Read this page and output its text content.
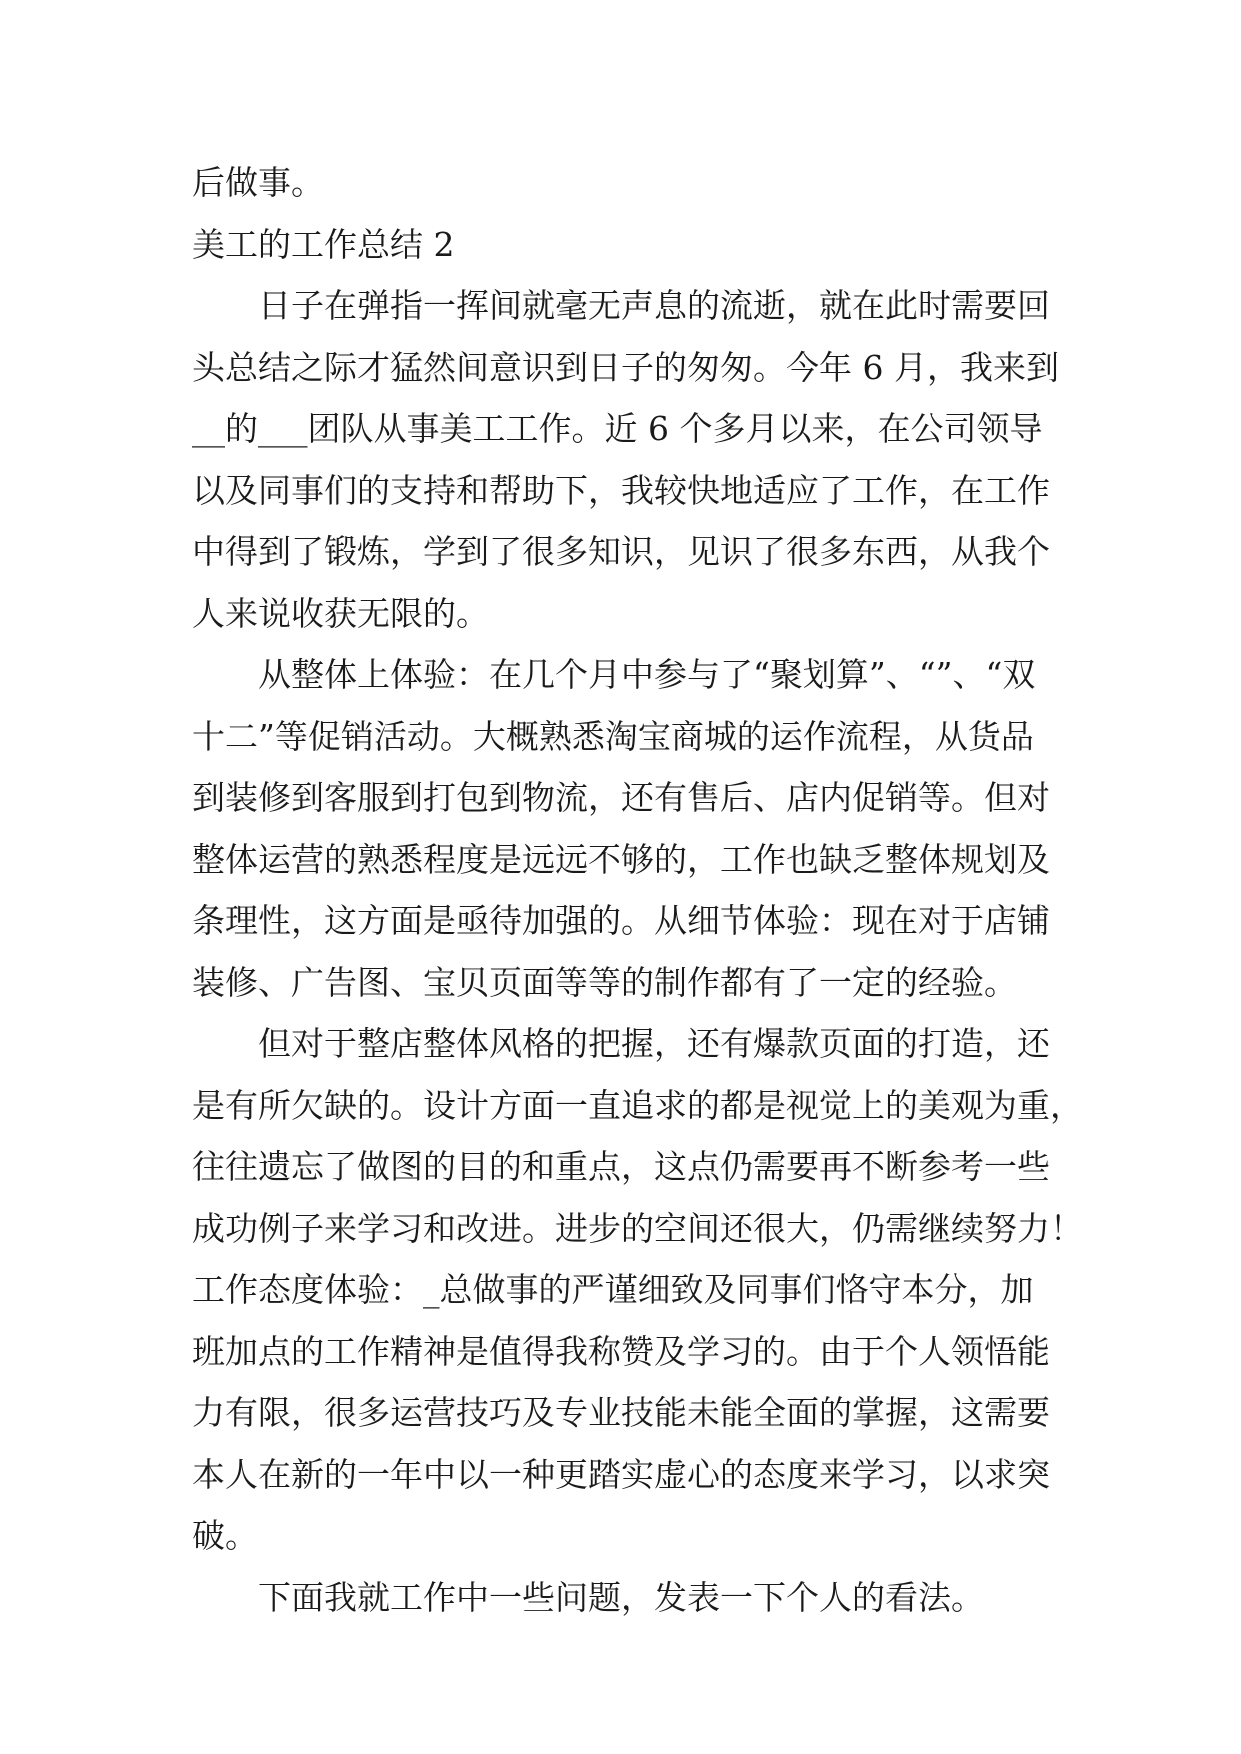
后做事。
美工的工作总结 2
日子在弹指一挥间就毫无声息的流逝，就在此时需要回
头总结之际才猛然间意识到日子的匆匆。今年 6 月，我来到
__的___团队从事美工工作。近 6 个多月以来，在公司领导
以及同事们的支持和帮助下，我较快地适应了工作，在工作
中得到了锻炼，学到了很多知识，见识了很多东西，从我个
人来说收获无限的。
从整体上体验：在几个月中参与了“聚划算”、“”、“双
十二”等促销活动。大概熟悉淘宝商城的运作流程，从货品
到装修到客服到打包到物流，还有售后、店内促销等。但对
整体运营的熟悉程度是远远不够的，工作也缺乏整体规划及
条理性，这方面是亟待加强的。从细节体验：现在对于店铺
装修、广告图、宝贝页面等等的制作都有了一定的经验。
但对于整店整体风格的把握，还有爆款页面的打造，还
是有所欠缺的。设计方面一直追求的都是视觉上的美观为重，
往往遗忘了做图的目的和重点，这点仍需要再不断参考一些
成功例子来学习和改进。进步的空间还很大，仍需继续努力！
工作态度体验：_总做事的严谨细致及同事们恪守本分，加
班加点的工作精神是值得我称赞及学习的。由于个人领悟能
力有限，很多运营技巧及专业技能未能全面的掌握，这需要
本人在新的一年中以一种更踏实虚心的态度来学习，以求突
破。
下面我就工作中一些问题，发表一下个人的看法。
